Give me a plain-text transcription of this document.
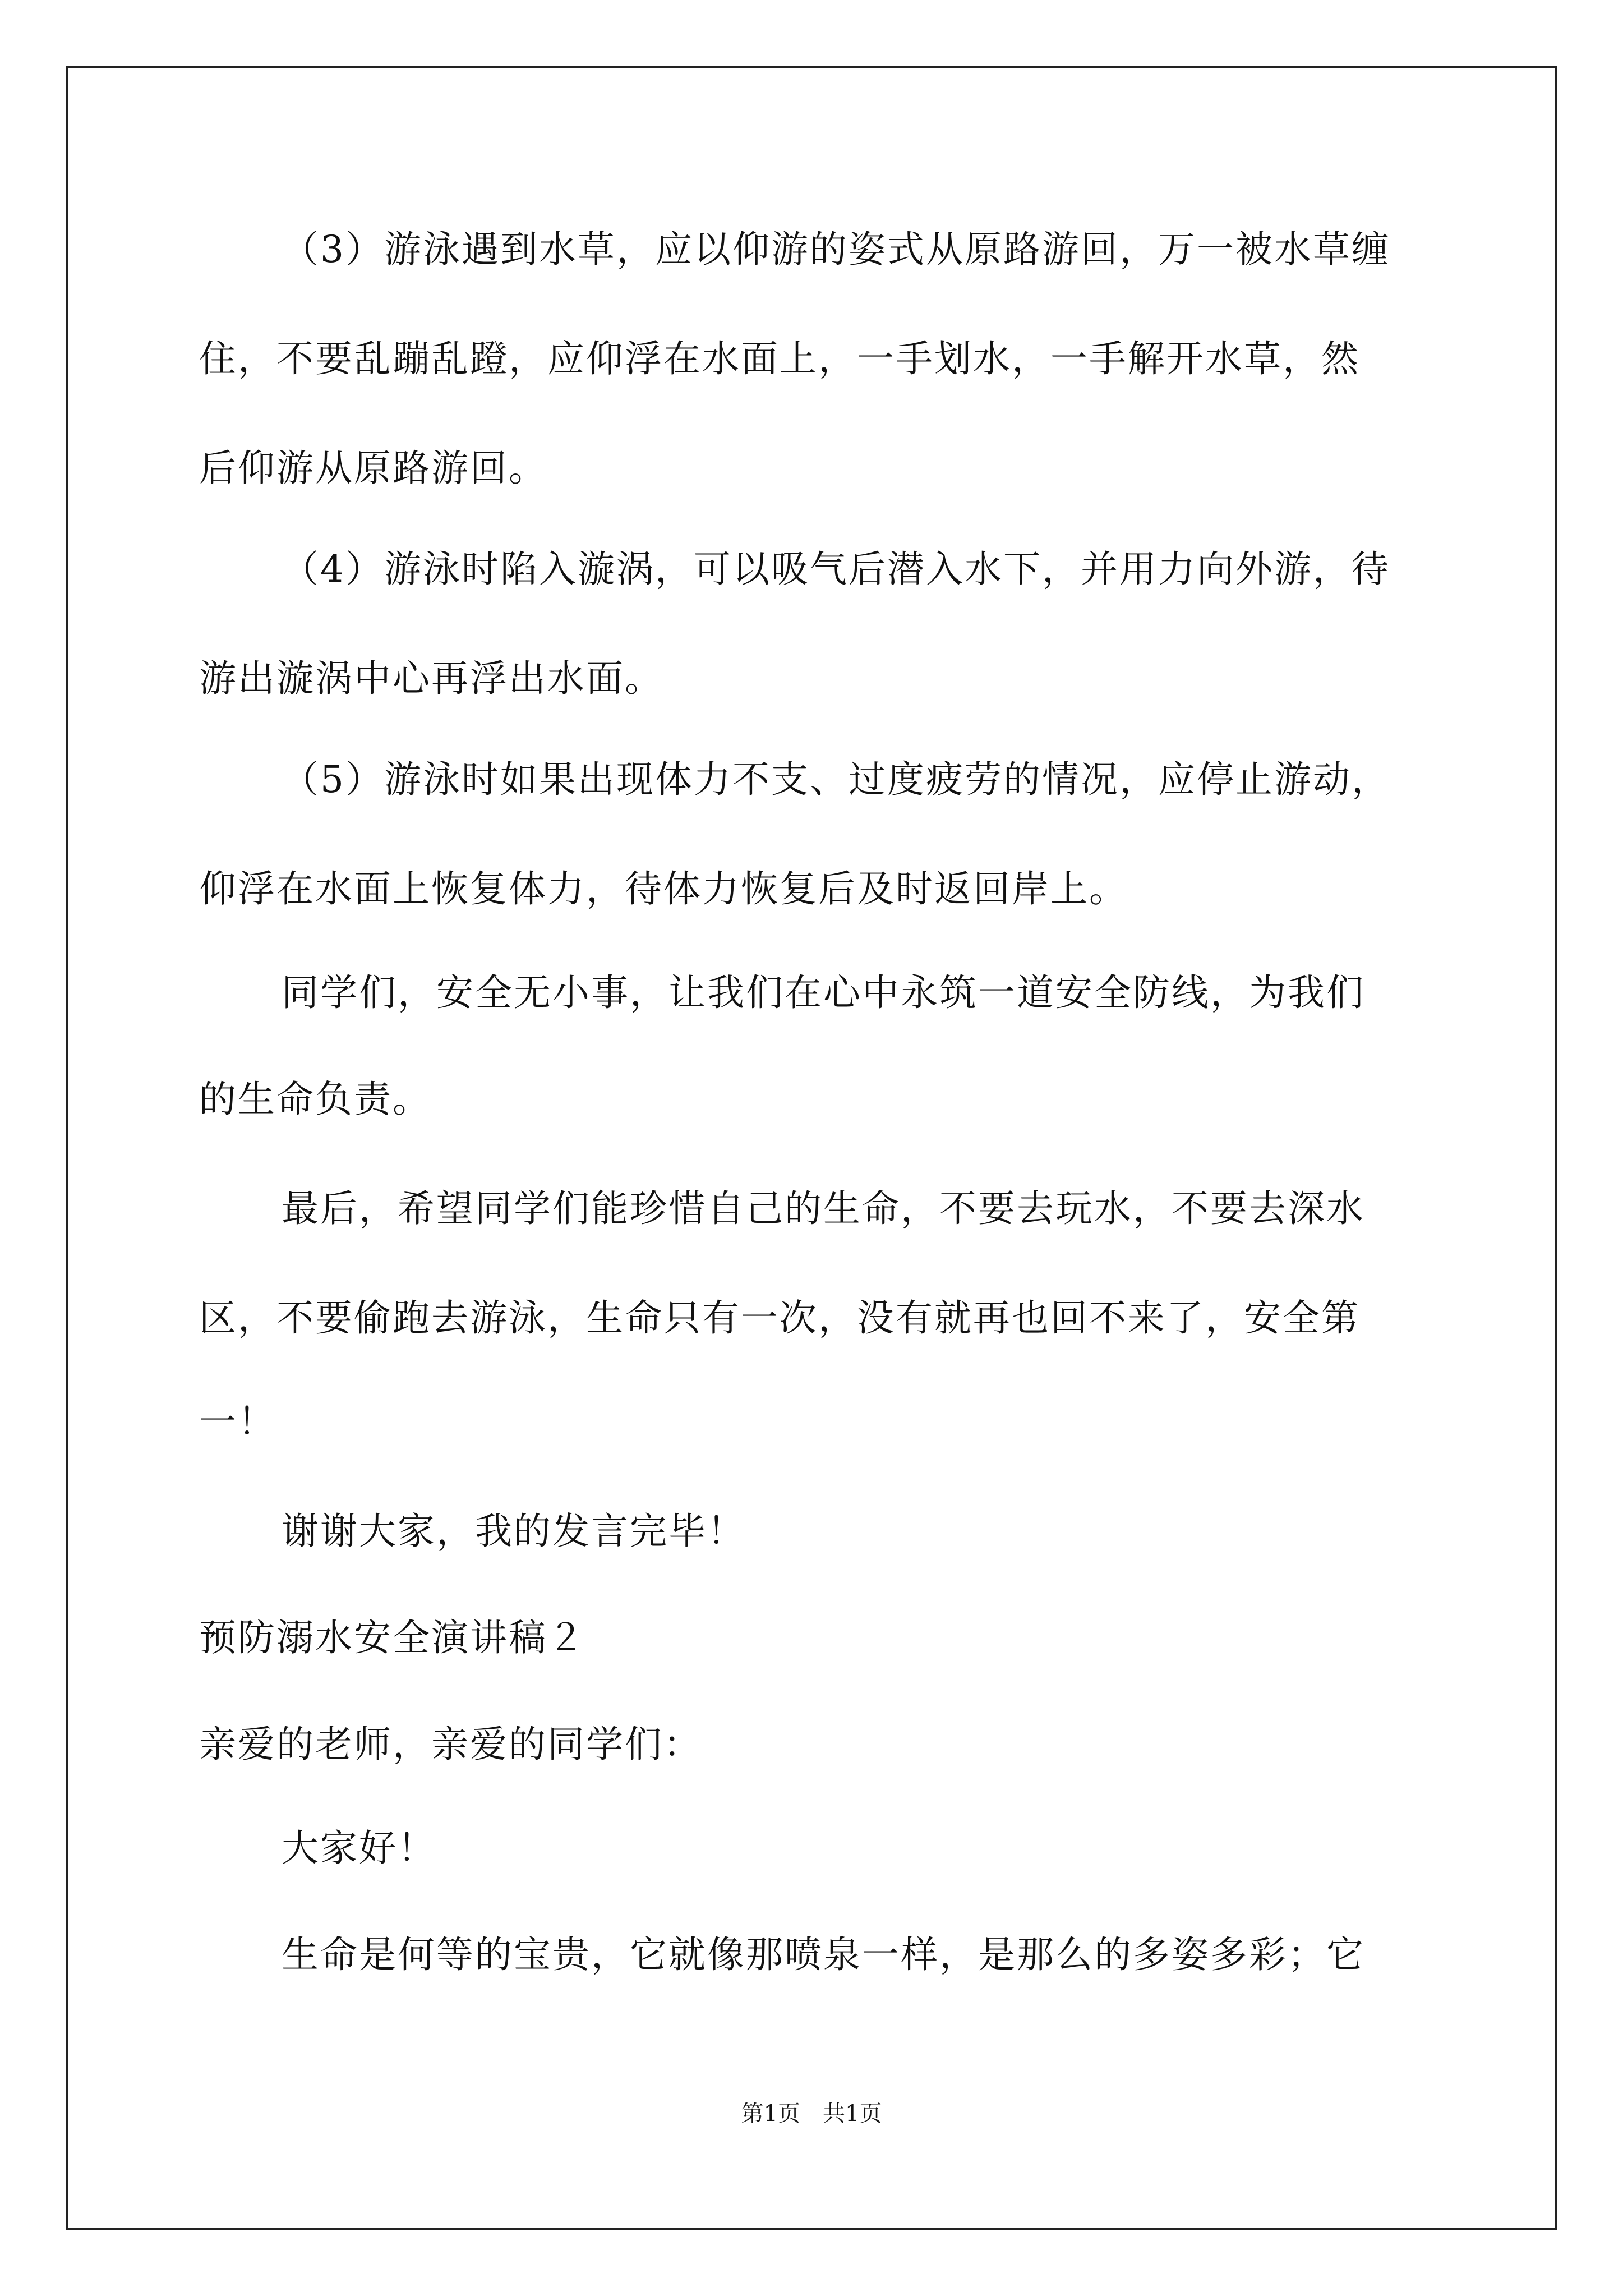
（3）游泳遇到水草，应以仰游的姿式从原路游回，万一被水草缠
住，不要乱蹦乱蹬，应仰浮在水面上，一手划水，一手解开水草，然
后仰游从原路游回。
（4）游泳时陷入漩涡，可以吸气后潜入水下，并用力向外游，待
游出漩涡中心再浮出水面。
（5）游泳时如果出现体力不支、过度疲劳的情况，应停止游动，
仰浮在水面上恢复体力，待体力恢复后及时返回岸上。
同学们，安全无小事，让我们在心中永筑一道安全防线，为我们
的生命负责。
最后，希望同学们能珍惜自己的生命，不要去玩水，不要去深水
区，不要偷跑去游泳，生命只有一次，没有就再也回不来了，安全第
一！
谢谢大家，我的发言完毕！
预防溺水安全演讲稿２
亲爱的老师，亲爱的同学们：
大家好！
生命是何等的宝贵，它就像那喷泉一样，是那么的多姿多彩；它
第1页　共1页
